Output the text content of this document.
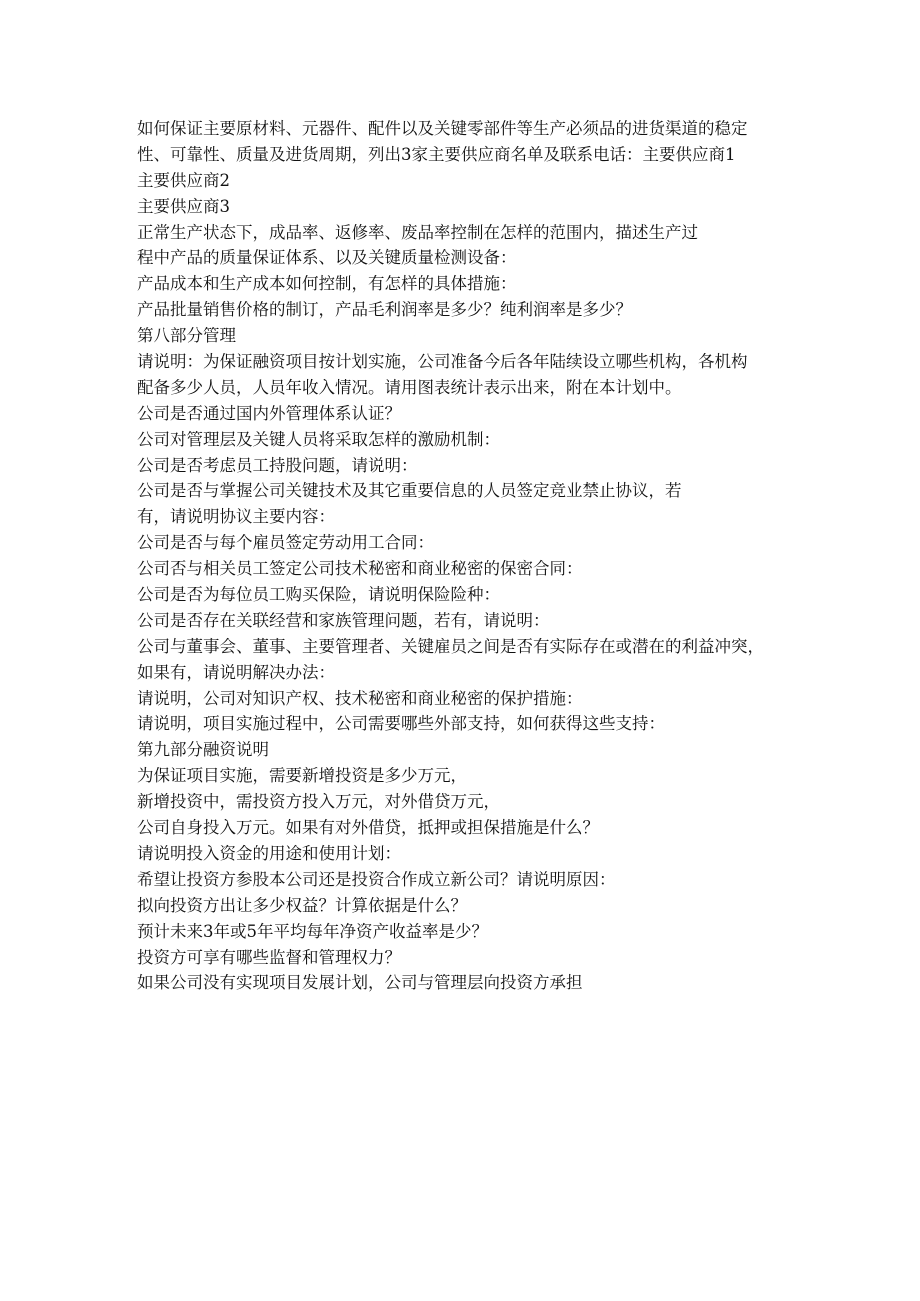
如何保证主要原材料、元器件、配件以及关键零部件等生产必须品的进货渠道的稳定
性、可靠性、质量及进货周期，列出3家主要供应商名单及联系电话：主要供应商1
主要供应商2
主要供应商3
正常生产状态下，成品率、返修率、废品率控制在怎样的范围内，描述生产过
程中产品的质量保证体系、以及关键质量检测设备：
产品成本和生产成本如何控制，有怎样的具体措施：
产品批量销售价格的制订，产品毛利润率是多少？纯利润率是多少？
第八部分管理
请说明：为保证融资项目按计划实施，公司准备今后各年陆续设立哪些机构，各机构
配备多少人员，人员年收入情况。请用图表统计表示出来，附在本计划中。
公司是否通过国内外管理体系认证？
公司对管理层及关键人员将采取怎样的激励机制：
公司是否考虑员工持股问题，请说明：
公司是否与掌握公司关键技术及其它重要信息的人员签定竞业禁止协议，若
有，请说明协议主要内容：
公司是否与每个雇员签定劳动用工合同：
公司否与相关员工签定公司技术秘密和商业秘密的保密合同：
公司是否为每位员工购买保险，请说明保险险种：
公司是否存在关联经营和家族管理问题，若有，请说明：
公司与董事会、董事、主要管理者、关键雇员之间是否有实际存在或潜在的利益冲突，
如果有，请说明解决办法：
请说明，公司对知识产权、技术秘密和商业秘密的保护措施：
请说明，项目实施过程中，公司需要哪些外部支持，如何获得这些支持：
第九部分融资说明
为保证项目实施，需要新增投资是多少万元，
新增投资中，需投资方投入万元，对外借贷万元，
公司自身投入万元。如果有对外借贷，抵押或担保措施是什么？
请说明投入资金的用途和使用计划：
希望让投资方参股本公司还是投资合作成立新公司？请说明原因：
拟向投资方出让多少权益？计算依据是什么？
预计未来3年或5年平均每年净资产收益率是少？
投资方可享有哪些监督和管理权力？
如果公司没有实现项目发展计划，公司与管理层向投资方承担
